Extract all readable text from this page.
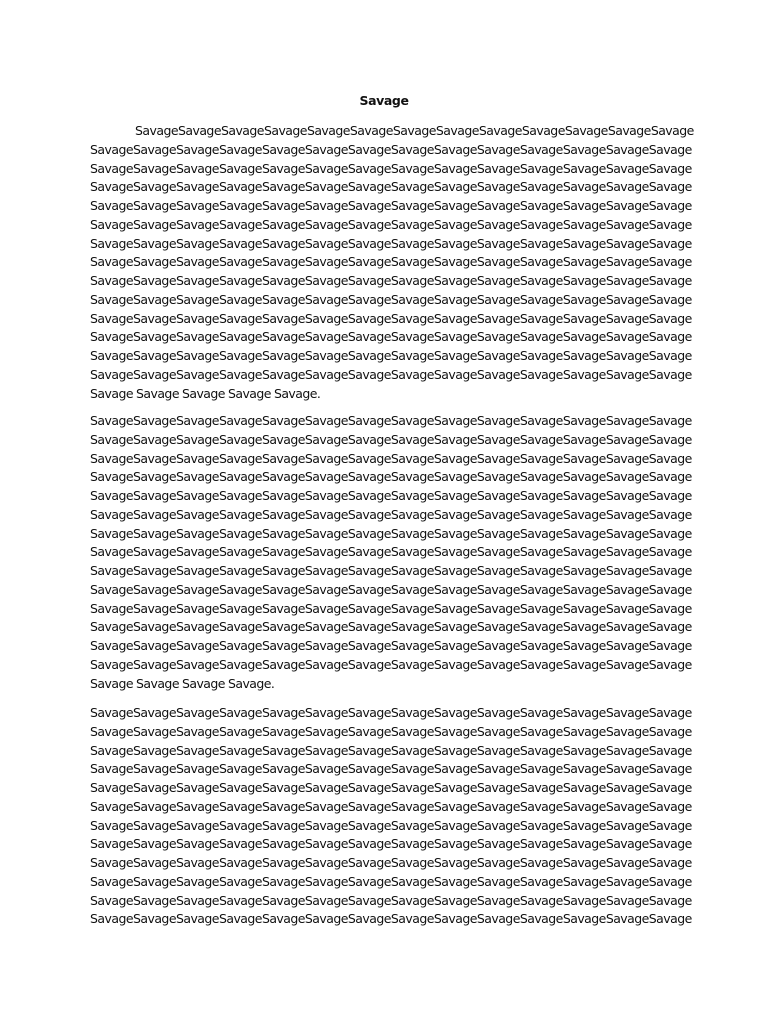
Savage
Savage Savage Savage Savage Savage Savage Savage Savage Savage Savage Savage Savage Savage
Savage Savage Savage Savage Savage Savage Savage Savage Savage Savage Savage Savage Savage Savage
Savage Savage Savage Savage Savage Savage Savage Savage Savage Savage Savage Savage Savage Savage
Savage Savage Savage Savage Savage Savage Savage Savage Savage Savage Savage Savage Savage Savage
Savage Savage Savage Savage Savage Savage Savage Savage Savage Savage Savage Savage Savage Savage
Savage Savage Savage Savage Savage Savage Savage Savage Savage Savage Savage Savage Savage Savage
Savage Savage Savage Savage Savage Savage Savage Savage Savage Savage Savage Savage Savage Savage
Savage Savage Savage Savage Savage Savage Savage Savage Savage Savage Savage Savage Savage Savage
Savage Savage Savage Savage Savage Savage Savage Savage Savage Savage Savage Savage Savage Savage
Savage Savage Savage Savage Savage Savage Savage Savage Savage Savage Savage Savage Savage Savage
Savage Savage Savage Savage Savage Savage Savage Savage Savage Savage Savage Savage Savage Savage
Savage Savage Savage Savage Savage Savage Savage Savage Savage Savage Savage Savage Savage Savage
Savage Savage Savage Savage Savage Savage Savage Savage Savage Savage Savage Savage Savage Savage
Savage Savage Savage Savage Savage Savage Savage Savage Savage Savage Savage Savage Savage Savage
Savage Savage Savage Savage Savage.
Savage Savage Savage Savage Savage Savage Savage Savage Savage Savage Savage Savage Savage Savage
Savage Savage Savage Savage Savage Savage Savage Savage Savage Savage Savage Savage Savage Savage
Savage Savage Savage Savage Savage Savage Savage Savage Savage Savage Savage Savage Savage Savage
Savage Savage Savage Savage Savage Savage Savage Savage Savage Savage Savage Savage Savage Savage
Savage Savage Savage Savage Savage Savage Savage Savage Savage Savage Savage Savage Savage Savage
Savage Savage Savage Savage Savage Savage Savage Savage Savage Savage Savage Savage Savage Savage
Savage Savage Savage Savage Savage Savage Savage Savage Savage Savage Savage Savage Savage Savage
Savage Savage Savage Savage Savage Savage Savage Savage Savage Savage Savage Savage Savage Savage
Savage Savage Savage Savage Savage Savage Savage Savage Savage Savage Savage Savage Savage Savage
Savage Savage Savage Savage Savage Savage Savage Savage Savage Savage Savage Savage Savage Savage
Savage Savage Savage Savage Savage Savage Savage Savage Savage Savage Savage Savage Savage Savage
Savage Savage Savage Savage Savage Savage Savage Savage Savage Savage Savage Savage Savage Savage
Savage Savage Savage Savage Savage Savage Savage Savage Savage Savage Savage Savage Savage Savage
Savage Savage Savage Savage Savage Savage Savage Savage Savage Savage Savage Savage Savage Savage
Savage Savage Savage Savage.
Savage Savage Savage Savage Savage Savage Savage Savage Savage Savage Savage Savage Savage Savage
Savage Savage Savage Savage Savage Savage Savage Savage Savage Savage Savage Savage Savage Savage
Savage Savage Savage Savage Savage Savage Savage Savage Savage Savage Savage Savage Savage Savage
Savage Savage Savage Savage Savage Savage Savage Savage Savage Savage Savage Savage Savage Savage
Savage Savage Savage Savage Savage Savage Savage Savage Savage Savage Savage Savage Savage Savage
Savage Savage Savage Savage Savage Savage Savage Savage Savage Savage Savage Savage Savage Savage
Savage Savage Savage Savage Savage Savage Savage Savage Savage Savage Savage Savage Savage Savage
Savage Savage Savage Savage Savage Savage Savage Savage Savage Savage Savage Savage Savage Savage
Savage Savage Savage Savage Savage Savage Savage Savage Savage Savage Savage Savage Savage Savage
Savage Savage Savage Savage Savage Savage Savage Savage Savage Savage Savage Savage Savage Savage
Savage Savage Savage Savage Savage Savage Savage Savage Savage Savage Savage Savage Savage Savage
Savage Savage Savage Savage Savage Savage Savage Savage Savage Savage Savage Savage Savage Savage
